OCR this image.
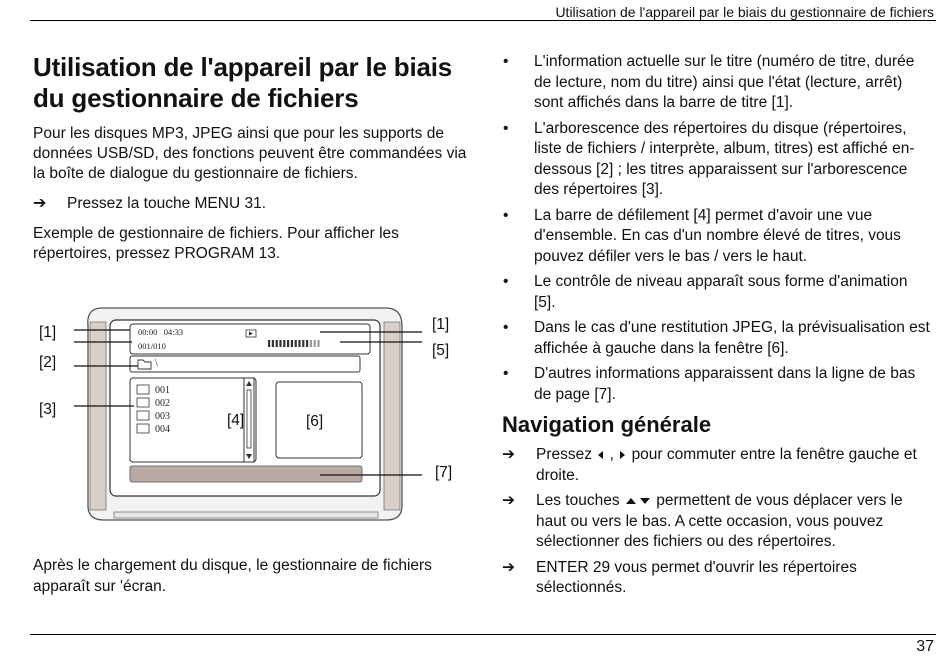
Utilisation de l'appareil par le biais du gestionnaire de fichiers
Utilisation de l'appareil par le biais du gestionnaire de fichiers

Pour les disques MP3, JPEG ainsi que pour les supports de données USB/SD, des fonctions peuvent être commandées via la boîte de dialogue du gestionnaire de fichiers.

➔ Pressez la touche MENU 31.

Exemple de gestionnaire de fichiers. Pour afficher les répertoires, pressez PROGRAM 13.

00:00   04:33
001/010
\
001
002
003
004
[1]
[2]
[3]
[4]
[1]
[5]
[6]
[7]
Après le chargement du disque, le gestionnaire de fichiers apparaît sur 'écran.
• L'information actuelle sur le titre (numéro de titre, durée de lecture, nom du titre) ainsi que l'état (lecture, arrêt) sont affichés dans la barre de titre [1].
• L'arborescence des répertoires du disque (répertoires, liste de fichiers / interprète, album, titres) est affiché en-dessous [2] ; les titres apparaissent sur l'arborescence des répertoires [3].
• La barre de défilement [4] permet d'avoir une vue d'ensemble. En cas d'un nombre élevé de titres, vous pouvez défiler vers le bas / vers le haut.
• Le contrôle de niveau apparaît sous forme d'animation [5].
• Dans le cas d'une restitution JPEG, la prévisualisation est affichée à gauche dans la fenêtre [6].
• D'autres informations apparaissent dans la ligne de bas de page [7].
Navigation générale
➔ Pressez , pour commuter entre la fenêtre gauche et droite.
➔ Les touches permettent de vous déplacer vers le haut ou vers le bas. A cette occasion, vous pouvez sélectionner des fichiers ou des répertoires.
➔ ENTER 29 vous permet d'ouvrir les répertoires sélectionnés.
37
